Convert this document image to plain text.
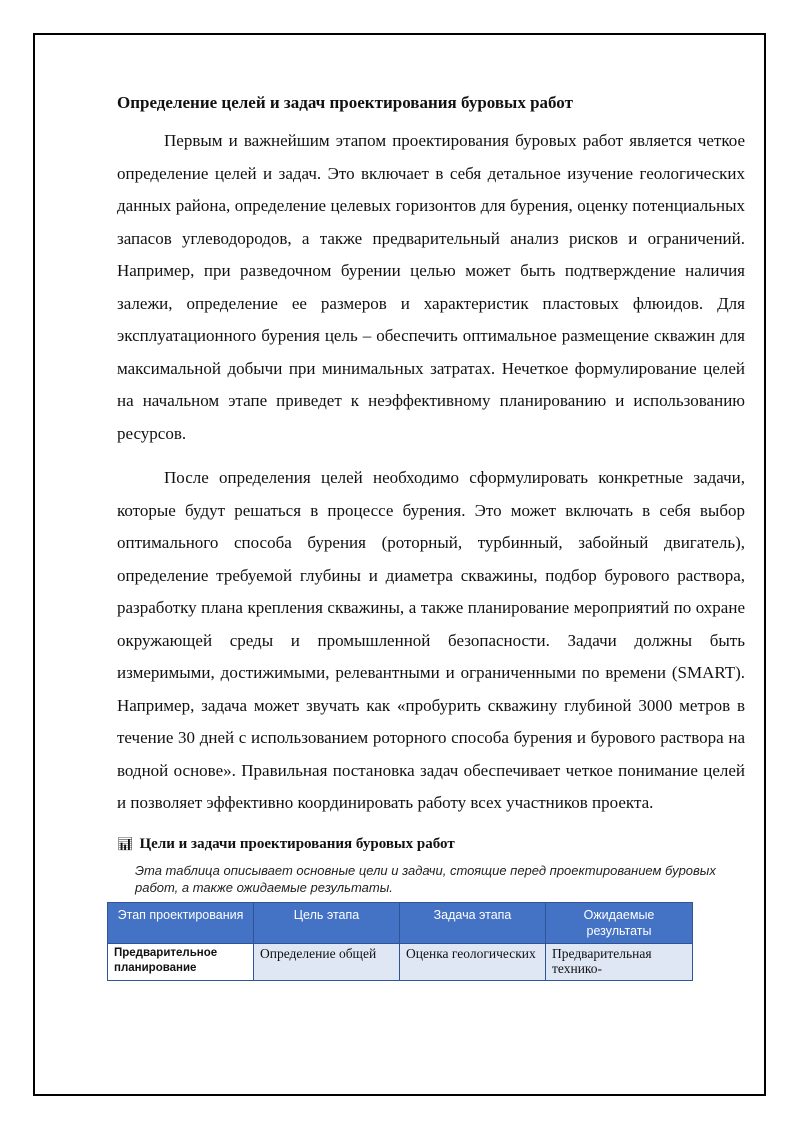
Определение целей и задач проектирования буровых работ

Первым и важнейшим этапом проектирования буровых работ является четкое определение целей и задач. Это включает в себя детальное изучение геологических данных района, определение целевых горизонтов для бурения, оценку потенциальных запасов углеводородов, а также предварительный анализ рисков и ограничений. Например, при разведочном бурении целью может быть подтверждение наличия залежи, определение ее размеров и характеристик пластовых флюидов. Для эксплуатационного бурения цель – обеспечить оптимальное размещение скважин для максимальной добычи при минимальных затратах. Нечеткое формулирование целей на начальном этапе приведет к неэффективному планированию и использованию ресурсов.

После определения целей необходимо сформулировать конкретные задачи, которые будут решаться в процессе бурения. Это может включать в себя выбор оптимального способа бурения (роторный, турбинный, забойный двигатель), определение требуемой глубины и диаметра скважины, подбор бурового раствора, разработку плана крепления скважины, а также планирование мероприятий по охране окружающей среды и промышленной безопасности. Задачи должны быть измеримыми, достижимыми, релевантными и ограниченными по времени (SMART). Например, задача может звучать как «пробурить скважину глубиной 3000 метров в течение 30 дней с использованием роторного способа бурения и бурового раствора на водной основе». Правильная постановка задач обеспечивает четкое понимание целей и позволяет эффективно координировать работу всех участников проекта.

📊︎ Цели и задачи проектирования буровых работ
Эта таблица описывает основные цели и задачи, стоящие перед проектированием буровых работ, а также ожидаемые результаты.
Этап проектирования	Цель этапа	Задача этапа	Ожидаемые результаты
Предварительное планирование	Определение общей	Оценка геологических	Предварительная технико-
